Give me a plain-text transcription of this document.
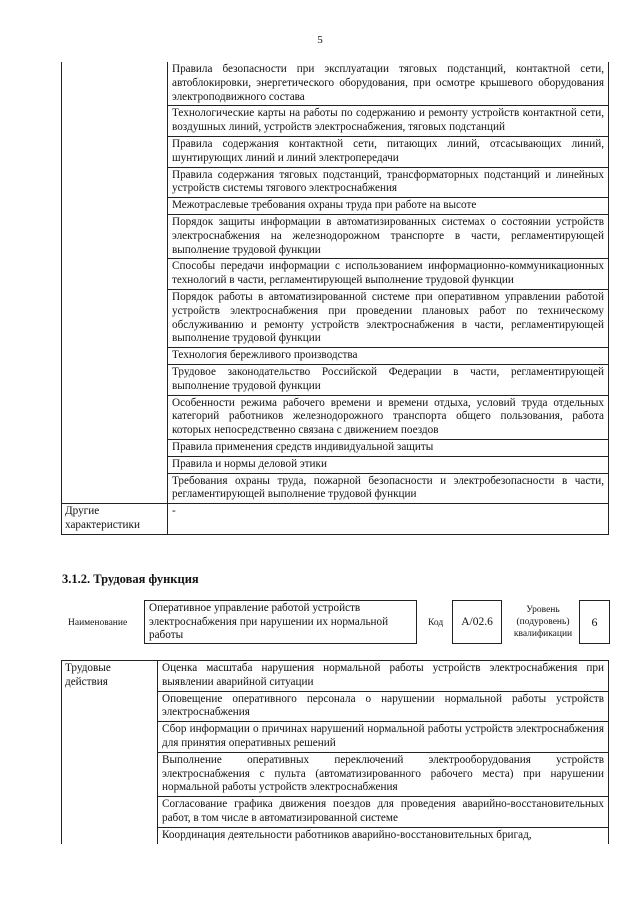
5
	Правила безопасности при эксплуатации тяговых подстанций, контактной сети, автоблокировки, энергетического оборудования, при осмотре крышевого оборудования электроподвижного состава
	Технологические карты на работы по содержанию и ремонту устройств контактной сети, воздушных линий, устройств электроснабжения, тяговых подстанций
	Правила содержания контактной сети, питающих линий, отсасывающих линий, шунтирующих линий и линий электропередачи
	Правила содержания тяговых подстанций, трансформаторных подстанций и линейных устройств системы тягового электроснабжения
	Межотраслевые требования охраны труда при работе на высоте
	Порядок защиты информации в автоматизированных системах о состоянии устройств электроснабжения на железнодорожном транспорте в части, регламентирующей выполнение трудовой функции
	Способы передачи информации с использованием информационно-коммуникационных технологий в части, регламентирующей выполнение трудовой функции
	Порядок работы в автоматизированной системе при оперативном управлении работой устройств электроснабжения при проведении плановых работ по техническому обслуживанию и ремонту устройств электроснабжения в части, регламентирующей выполнение трудовой функции
	Технология бережливого производства
	Трудовое законодательство Российской Федерации в части, регламентирующей выполнение трудовой функции
	Особенности режима рабочего времени и времени отдыха, условий труда отдельных категорий работников железнодорожного транспорта общего пользования, работа которых непосредственно связана с движением поездов
	Правила применения средств индивидуальной защиты
	Правила и нормы деловой этики
	Требования охраны труда, пожарной безопасности и электробезопасности в части, регламентирующей выполнение трудовой функции
Другие характеристики	-
3.1.2. Трудовая функция
Наименование
Оперативное управление работой устройств электроснабжения при нарушении их нормальной работы
Код	A/02.6
Уровень (подуровень) квалификации
6
Трудовые действия	Оценка масштаба нарушения нормальной работы устройств электроснабжения при выявлении аварийной ситуации
Оповещение оперативного персонала о нарушении нормальной работы устройств электроснабжения
Сбор информации о причинах нарушений нормальной работы устройств электроснабжения для принятия оперативных решений
Выполнение оперативных переключений электрооборудования устройств электроснабжения с пульта (автоматизированного рабочего места) при нарушении нормальной работы устройств электроснабжения
Согласование графика движения поездов для проведения аварийно-восстановительных работ, в том числе в автоматизированной системе
Координация деятельности работников аварийно-восстановительных бригад,
